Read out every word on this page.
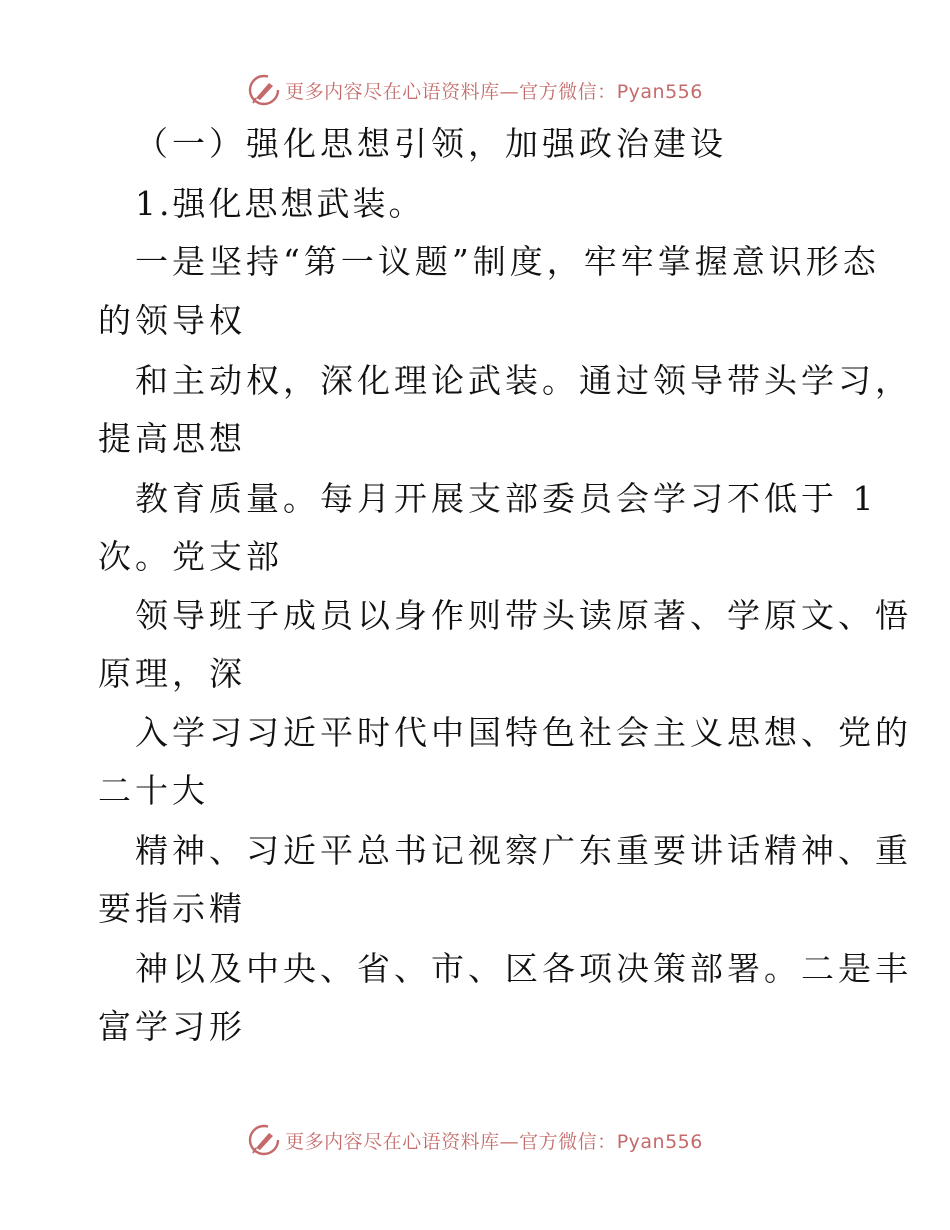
更多内容尽在心语资料库—官方微信：Pyan556
（一）强化思想引领，加强政治建设
1.强化思想武装。
一是坚持“第一议题”制度，牢牢掌握意识形态
的领导权
和主动权，深化理论武装。通过领导带头学习，
提高思想
教育质量。每月开展支部委员会学习不低于 1
次。党支部
领导班子成员以身作则带头读原著、学原文、悟
原理，深
入学习习近平时代中国特色社会主义思想、党的
二十大
精神、习近平总书记视察广东重要讲话精神、重
要指示精
神以及中央、省、市、区各项决策部署。二是丰
富学习形
更多内容尽在心语资料库—官方微信：Pyan556
